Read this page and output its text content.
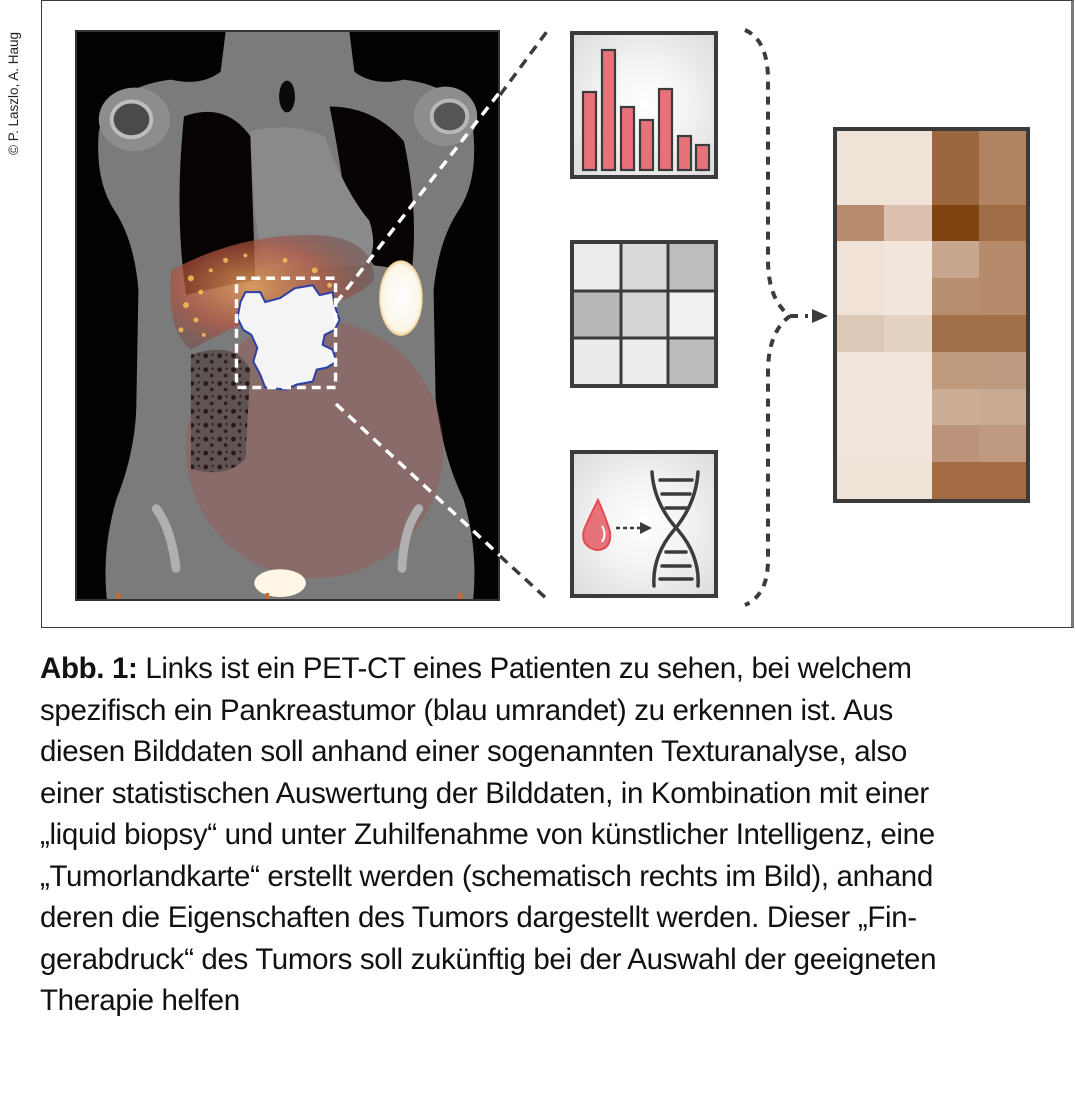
© P. Laszlo, A. Haug
Abb. 1: Links ist ein PET-CT eines Patienten zu sehen, bei welchem
spezifisch ein Pankreastumor (blau umrandet) zu erkennen ist. Aus
diesen Bilddaten soll anhand einer sogenannten Texturanalyse, also
einer statistischen Auswertung der Bilddaten, in Kombination mit einer
„liquid biopsy“ und unter Zuhilfenahme von künstlicher Intelligenz, eine
„Tumorlandkarte“ erstellt werden (schematisch rechts im Bild), anhand
deren die Eigenschaften des Tumors dargestellt werden. Dieser „Fin-
gerabdruck“ des Tumors soll zukünftig bei der Auswahl der geeigneten
Therapie helfen
